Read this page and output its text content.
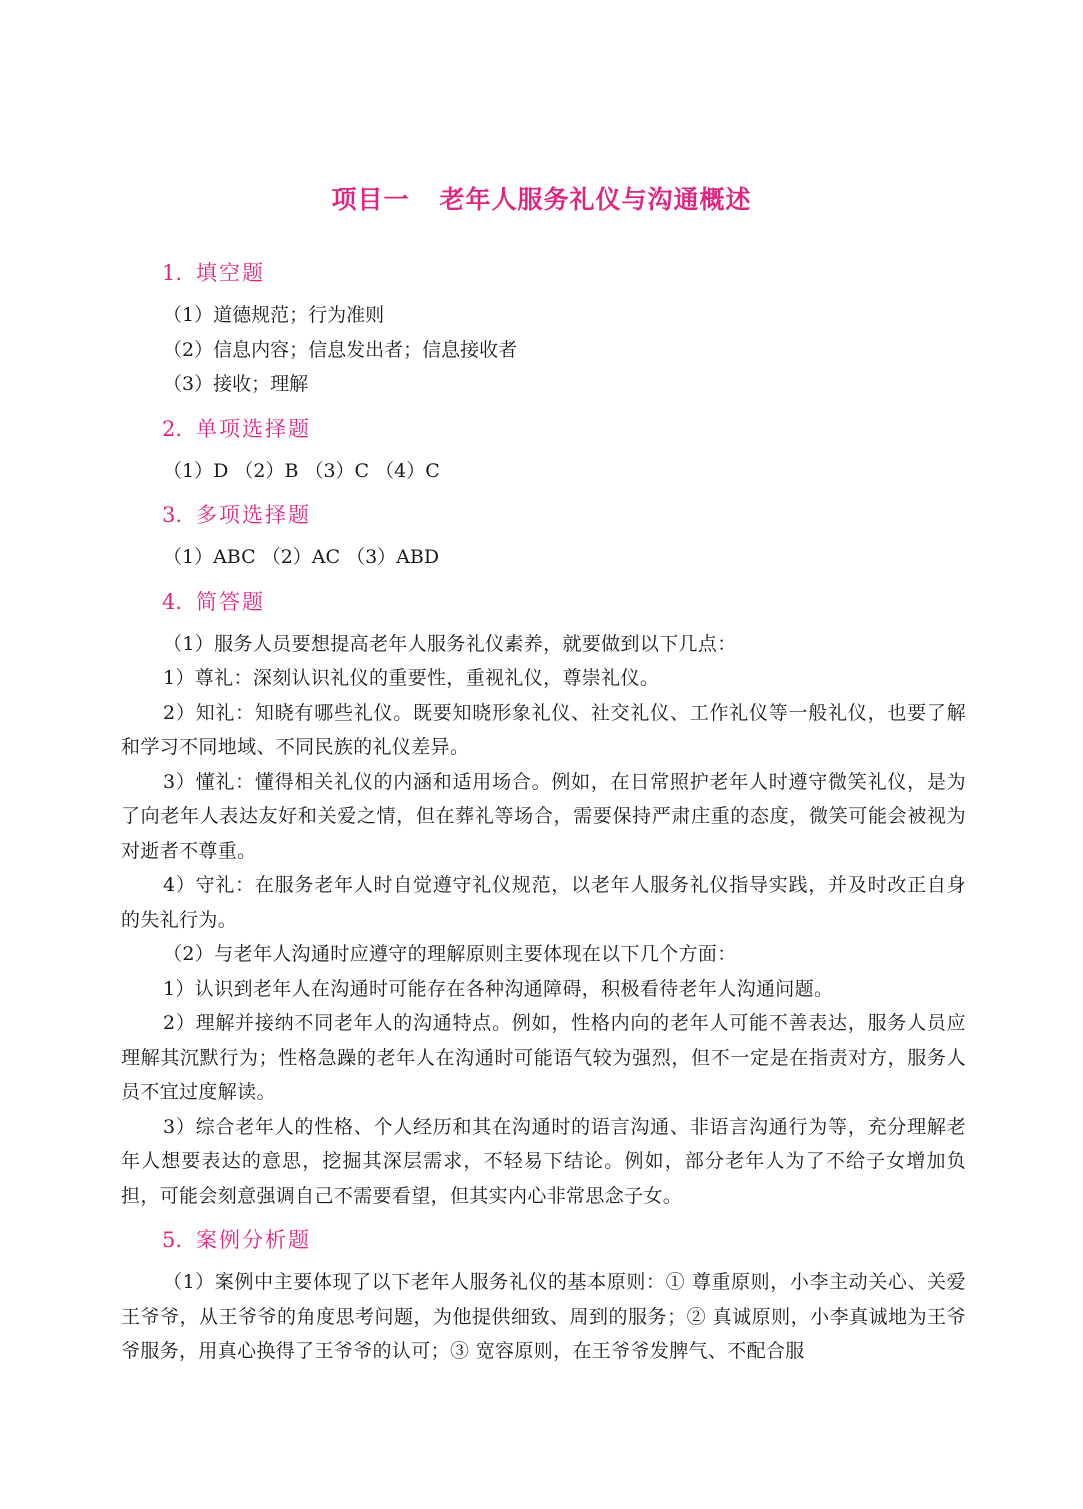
项目一 老年人服务礼仪与沟通概述
1. 填空题
（1）道德规范；行为准则
（2）信息内容；信息发出者；信息接收者
（3）接收；理解
2. 单项选择题
（1）D （2）B （3）C （4）C
3. 多项选择题
（1）ABC （2）AC （3）ABD
4. 简答题
（1）服务人员要想提高老年人服务礼仪素养，就要做到以下几点：
1）尊礼：深刻认识礼仪的重要性，重视礼仪，尊崇礼仪。
2）知礼：知晓有哪些礼仪。既要知晓形象礼仪、社交礼仪、工作礼仪等一般礼仪，也要了解和学习不同地域、不同民族的礼仪差异。
3）懂礼：懂得相关礼仪的内涵和适用场合。例如，在日常照护老年人时遵守微笑礼仪，是为了向老年人表达友好和关爱之情，但在葬礼等场合，需要保持严肃庄重的态度，微笑可能会被视为对逝者不尊重。
4）守礼：在服务老年人时自觉遵守礼仪规范，以老年人服务礼仪指导实践，并及时改正自身的失礼行为。
（2）与老年人沟通时应遵守的理解原则主要体现在以下几个方面：
1）认识到老年人在沟通时可能存在各种沟通障碍，积极看待老年人沟通问题。
2）理解并接纳不同老年人的沟通特点。例如，性格内向的老年人可能不善表达，服务人员应理解其沉默行为；性格急躁的老年人在沟通时可能语气较为强烈，但不一定是在指责对方，服务人员不宜过度解读。
3）综合老年人的性格、个人经历和其在沟通时的语言沟通、非语言沟通行为等，充分理解老年人想要表达的意思，挖掘其深层需求，不轻易下结论。例如，部分老年人为了不给子女增加负担，可能会刻意强调自己不需要看望，但其实内心非常思念子女。
5. 案例分析题
（1）案例中主要体现了以下老年人服务礼仪的基本原则：① 尊重原则，小李主动关心、关爱王爷爷，从王爷爷的角度思考问题，为他提供细致、周到的服务；② 真诚原则，小李真诚地为王爷爷服务，用真心换得了王爷爷的认可；③ 宽容原则，在王爷爷发脾气、不配合服
